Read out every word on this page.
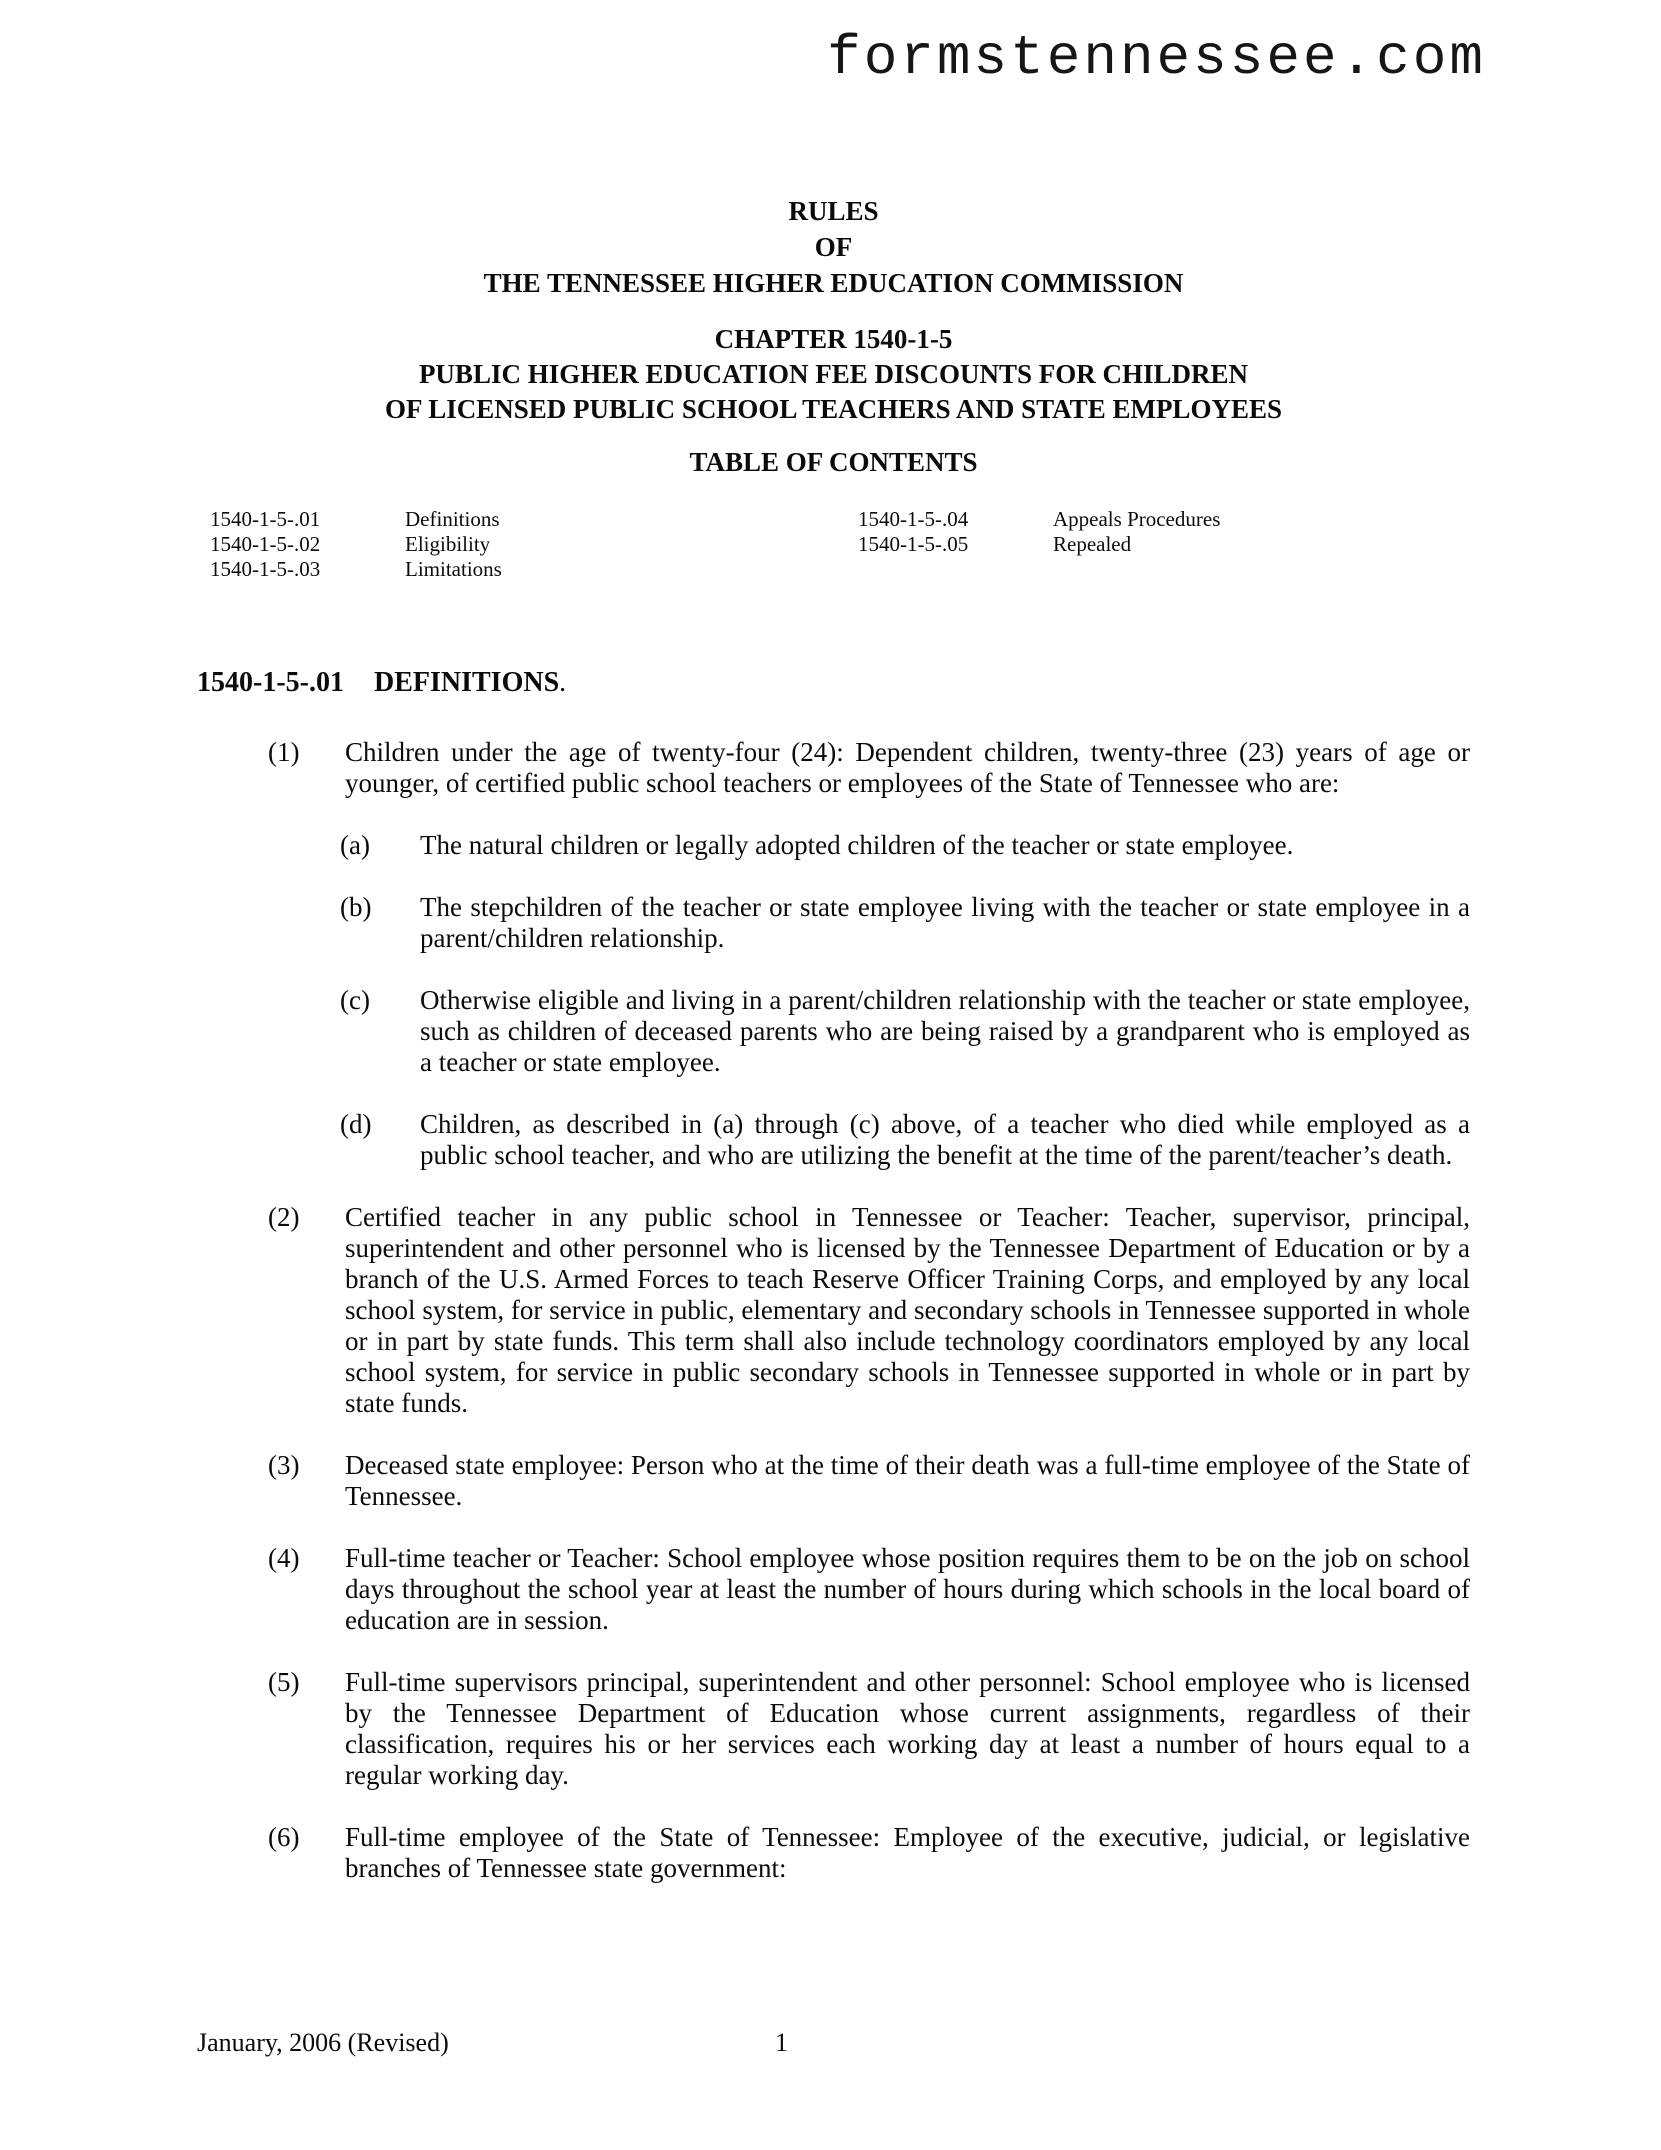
formstennessee.com
RULES
OF
THE TENNESSEE HIGHER EDUCATION COMMISSION
CHAPTER 1540-1-5
PUBLIC HIGHER EDUCATION FEE DISCOUNTS FOR CHILDREN
OF LICENSED PUBLIC SCHOOL TEACHERS AND STATE EMPLOYEES
TABLE OF CONTENTS
1540-1-5-.01	Definitions
1540-1-5-.02	Eligibility
1540-1-5-.03	Limitations
1540-1-5-.04	Appeals Procedures
1540-1-5-.05	Repealed
1540-1-5-.01 DEFINITIONS.
(1) Children under the age of twenty-four (24): Dependent children, twenty-three (23) years of age or younger, of certified public school teachers or employees of the State of Tennessee who are:
(a) The natural children or legally adopted children of the teacher or state employee.
(b) The stepchildren of the teacher or state employee living with the teacher or state employee in a parent/children relationship.
(c) Otherwise eligible and living in a parent/children relationship with the teacher or state employee, such as children of deceased parents who are being raised by a grandparent who is employed as a teacher or state employee.
(d) Children, as described in (a) through (c) above, of a teacher who died while employed as a public school teacher, and who are utilizing the benefit at the time of the parent/teacher’s death.
(2) Certified teacher in any public school in Tennessee or Teacher: Teacher, supervisor, principal, superintendent and other personnel who is licensed by the Tennessee Department of Education or by a branch of the U.S. Armed Forces to teach Reserve Officer Training Corps, and employed by any local school system, for service in public, elementary and secondary schools in Tennessee supported in whole or in part by state funds. This term shall also include technology coordinators employed by any local school system, for service in public secondary schools in Tennessee supported in whole or in part by state funds.
(3) Deceased state employee: Person who at the time of their death was a full-time employee of the State of Tennessee.
(4) Full-time teacher or Teacher: School employee whose position requires them to be on the job on school days throughout the school year at least the number of hours during which schools in the local board of education are in session.
(5) Full-time supervisors principal, superintendent and other personnel: School employee who is licensed by the Tennessee Department of Education whose current assignments, regardless of their classification, requires his or her services each working day at least a number of hours equal to a regular working day.
(6) Full-time employee of the State of Tennessee: Employee of the executive, judicial, or legislative branches of Tennessee state government:
January, 2006 (Revised)	1
